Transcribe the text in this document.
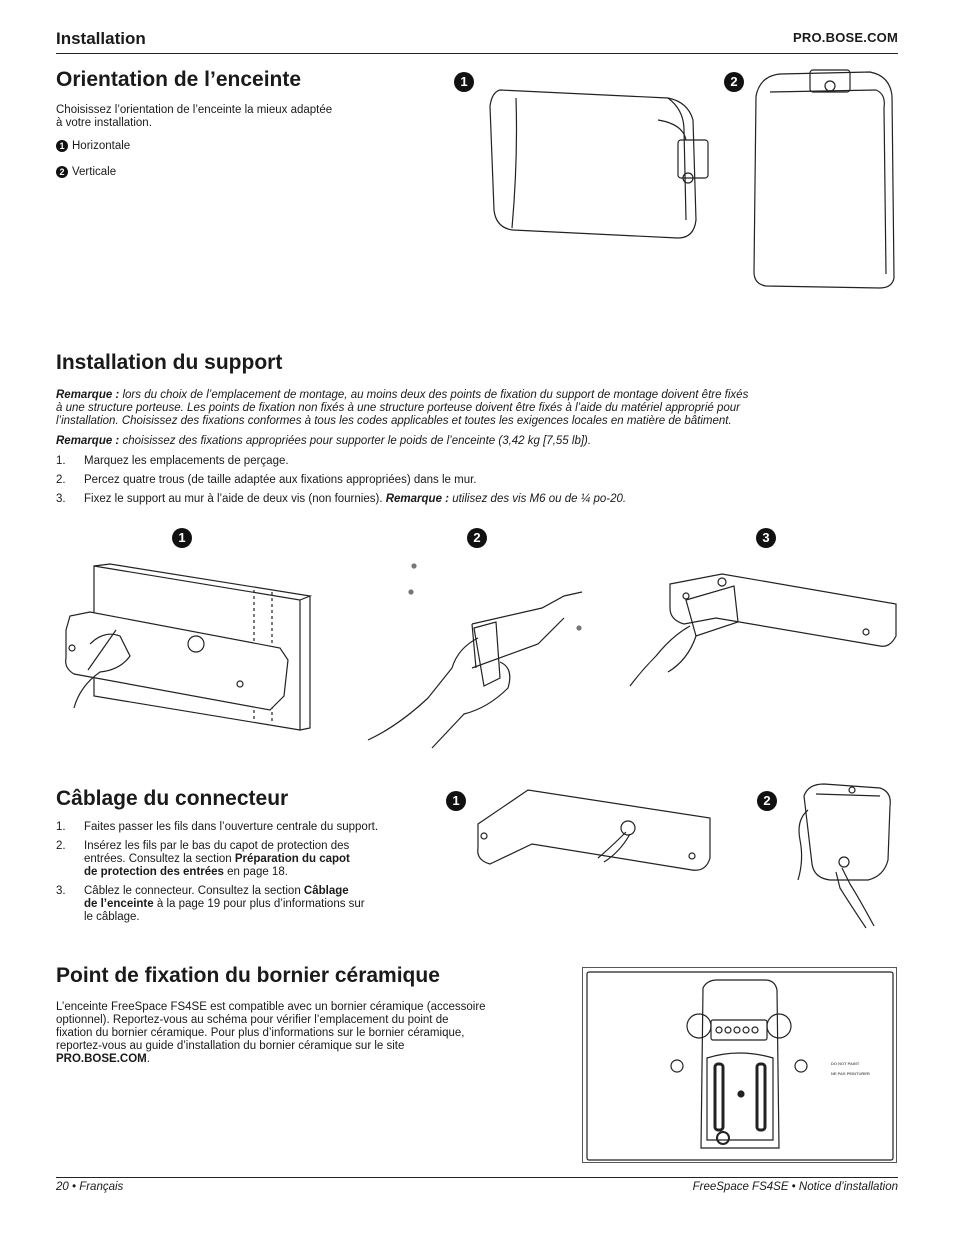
Installation	PRO.BOSE.COM
Orientation de l’enceinte
Choisissez l’orientation de l’enceinte la mieux adaptée
à votre installation.
1 Horizontale
2 Verticale
1	2
Installation du support
Remarque : lors du choix de l’emplacement de montage, au moins deux des points de fixation du support de montage doivent être fixés
à une structure porteuse. Les points de fixation non fixés à une structure porteuse doivent être fixés à l’aide du matériel approprié pour
l’installation. Choisissez des fixations conformes à tous les codes applicables et toutes les exigences locales en matière de bâtiment.
Remarque : choisissez des fixations appropriées pour supporter le poids de l’enceinte (3,42 kg [7,55 lb]).
1. Marquez les emplacements de perçage.
2. Percez quatre trous (de taille adaptée aux fixations appropriées) dans le mur.
3. Fixez le support au mur à l’aide de deux vis (non fournies). Remarque : utilisez des vis M6 ou de ¼ po-20.
1	2	3
Câblage du connecteur
1. Faites passer les fils dans l’ouverture centrale du support.
2. Insérez les fils par le bas du capot de protection des
entrées. Consultez la section Préparation du capot
de protection des entrées en page 18.
3. Câblez le connecteur. Consultez la section Câblage
de l’enceinte à la page 19 pour plus d’informations sur
le câblage.
1	2
Point de fixation du bornier céramique
L’enceinte FreeSpace FS4SE est compatible avec un bornier céramique (accessoire
optionnel). Reportez-vous au schéma pour vérifier l’emplacement du point de
fixation du bornier céramique. Pour plus d’informations sur le bornier céramique,
reportez-vous au guide d’installation du bornier céramique sur le site
PRO.BOSE.COM.	DO NOT PAINT
NE PAS PEINTURER
20 • Français	FreeSpace FS4SE • Notice d’installation
